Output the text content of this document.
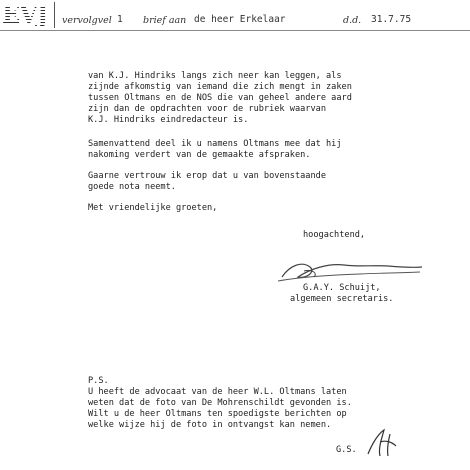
EVJ	vervolgvel 1 brief aan de heer Erkelaar	d.d. 31.7.75
van K.J. Hindriks langs zich neer kan leggen, als
zijnde afkomstig van iemand die zich mengt in zaken
tussen Oltmans en de NOS die van geheel andere aard
zijn dan de opdrachten voor de rubriek waarvan
K.J. Hindriks eindredacteur is.
Samenvattend deel ik u namens Oltmans mee dat hij
nakoming verdert van de gemaakte afspraken.
Gaarne vertrouw ik erop dat u van bovenstaande
goede nota neemt.
Met vriendelijke groeten,
hoogachtend,
G.A.Y. Schuijt,
algemeen secretaris.
P.S.
U heeft de advocaat van de heer W.L. Oltmans laten
weten dat de foto van De Mohrenschildt gevonden is.
Wilt u de heer Oltmans ten spoedigste berichten op
welke wijze hij de foto in ontvangst kan nemen.
G.S.
